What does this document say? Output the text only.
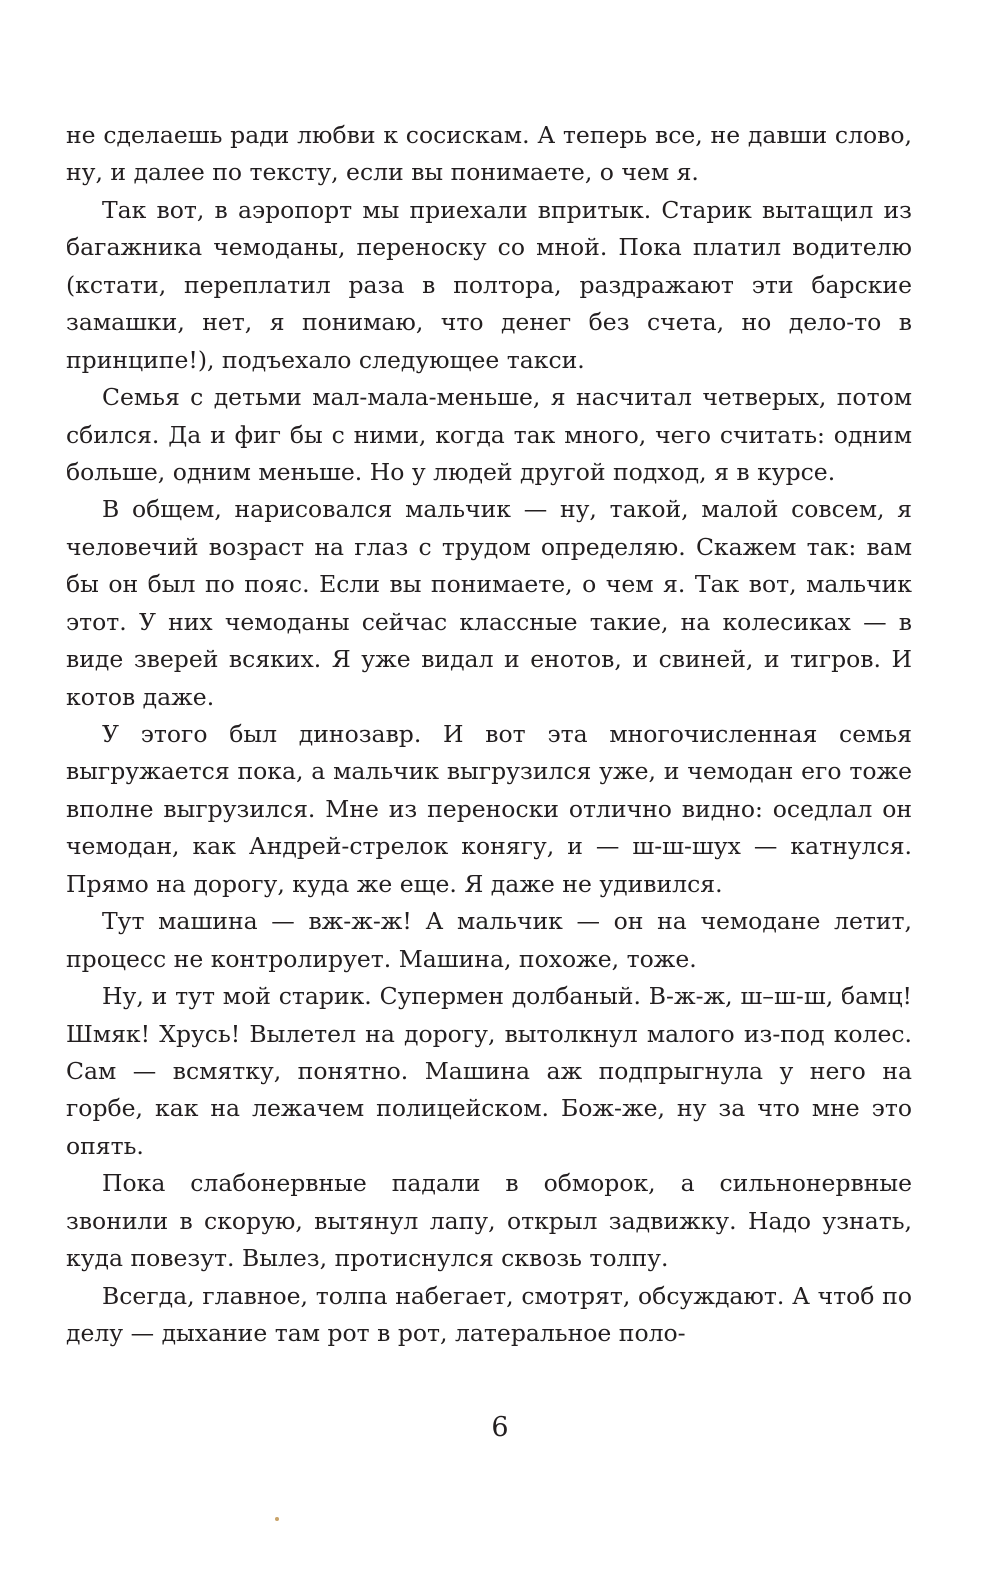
не сделаешь ради любви к сосискам. А теперь все, не давши слово, ну, и далее по тексту, если вы понимаете, о чем я.

Так вот, в аэропорт мы приехали впритык. Старик вытащил из багажника чемоданы, переноску со мной. Пока платил водителю (кстати, переплатил раза в полтора, раздражают эти барские замашки, нет, я понимаю, что денег без счета, но дело-то в принципе!), подъехало следующее такси.

Семья с детьми мал-мала-меньше, я насчитал четверых, потом сбился. Да и фиг бы с ними, когда так много, чего считать: одним больше, одним меньше. Но у людей другой подход, я в курсе.

В общем, нарисовался мальчик — ну, такой, малой совсем, я человечий возраст на глаз с трудом определяю. Скажем так: вам бы он был по пояс. Если вы понимаете, о чем я. Так вот, мальчик этот. У них чемоданы сейчас классные такие, на колесиках — в виде зверей всяких. Я уже видал и енотов, и свиней, и тигров. И котов даже.

У этого был динозавр. И вот эта многочисленная семья выгружается пока, а мальчик выгрузился уже, и чемодан его тоже вполне выгрузился. Мне из переноски отлично видно: оседлал он чемодан, как Андрей-стрелок конягу, и — ш-ш-шух — катнулся. Прямо на дорогу, куда же еще. Я даже не удивился.

Тут машина — вж-ж-ж! А мальчик — он на чемодане летит, процесс не контролирует. Машина, похоже, тоже.

Ну, и тут мой старик. Супермен долбаный. В-ж-ж, ш–ш-ш, бамц! Шмяк! Хрусь! Вылетел на дорогу, вытолкнул малого из-под колес. Сам — всмятку, понятно. Машина аж подпрыгнула у него на горбе, как на лежачем полицейском. Бож-же, ну за что мне это опять.

Пока слабонервные падали в обморок, а сильнонервные звонили в скорую, вытянул лапу, открыл задвижку. Надо узнать, куда повезут. Вылез, протиснулся сквозь толпу.

Всегда, главное, толпа набегает, смотрят, обсуждают. А чтоб по делу — дыхание там рот в рот, латеральное поло-

6
